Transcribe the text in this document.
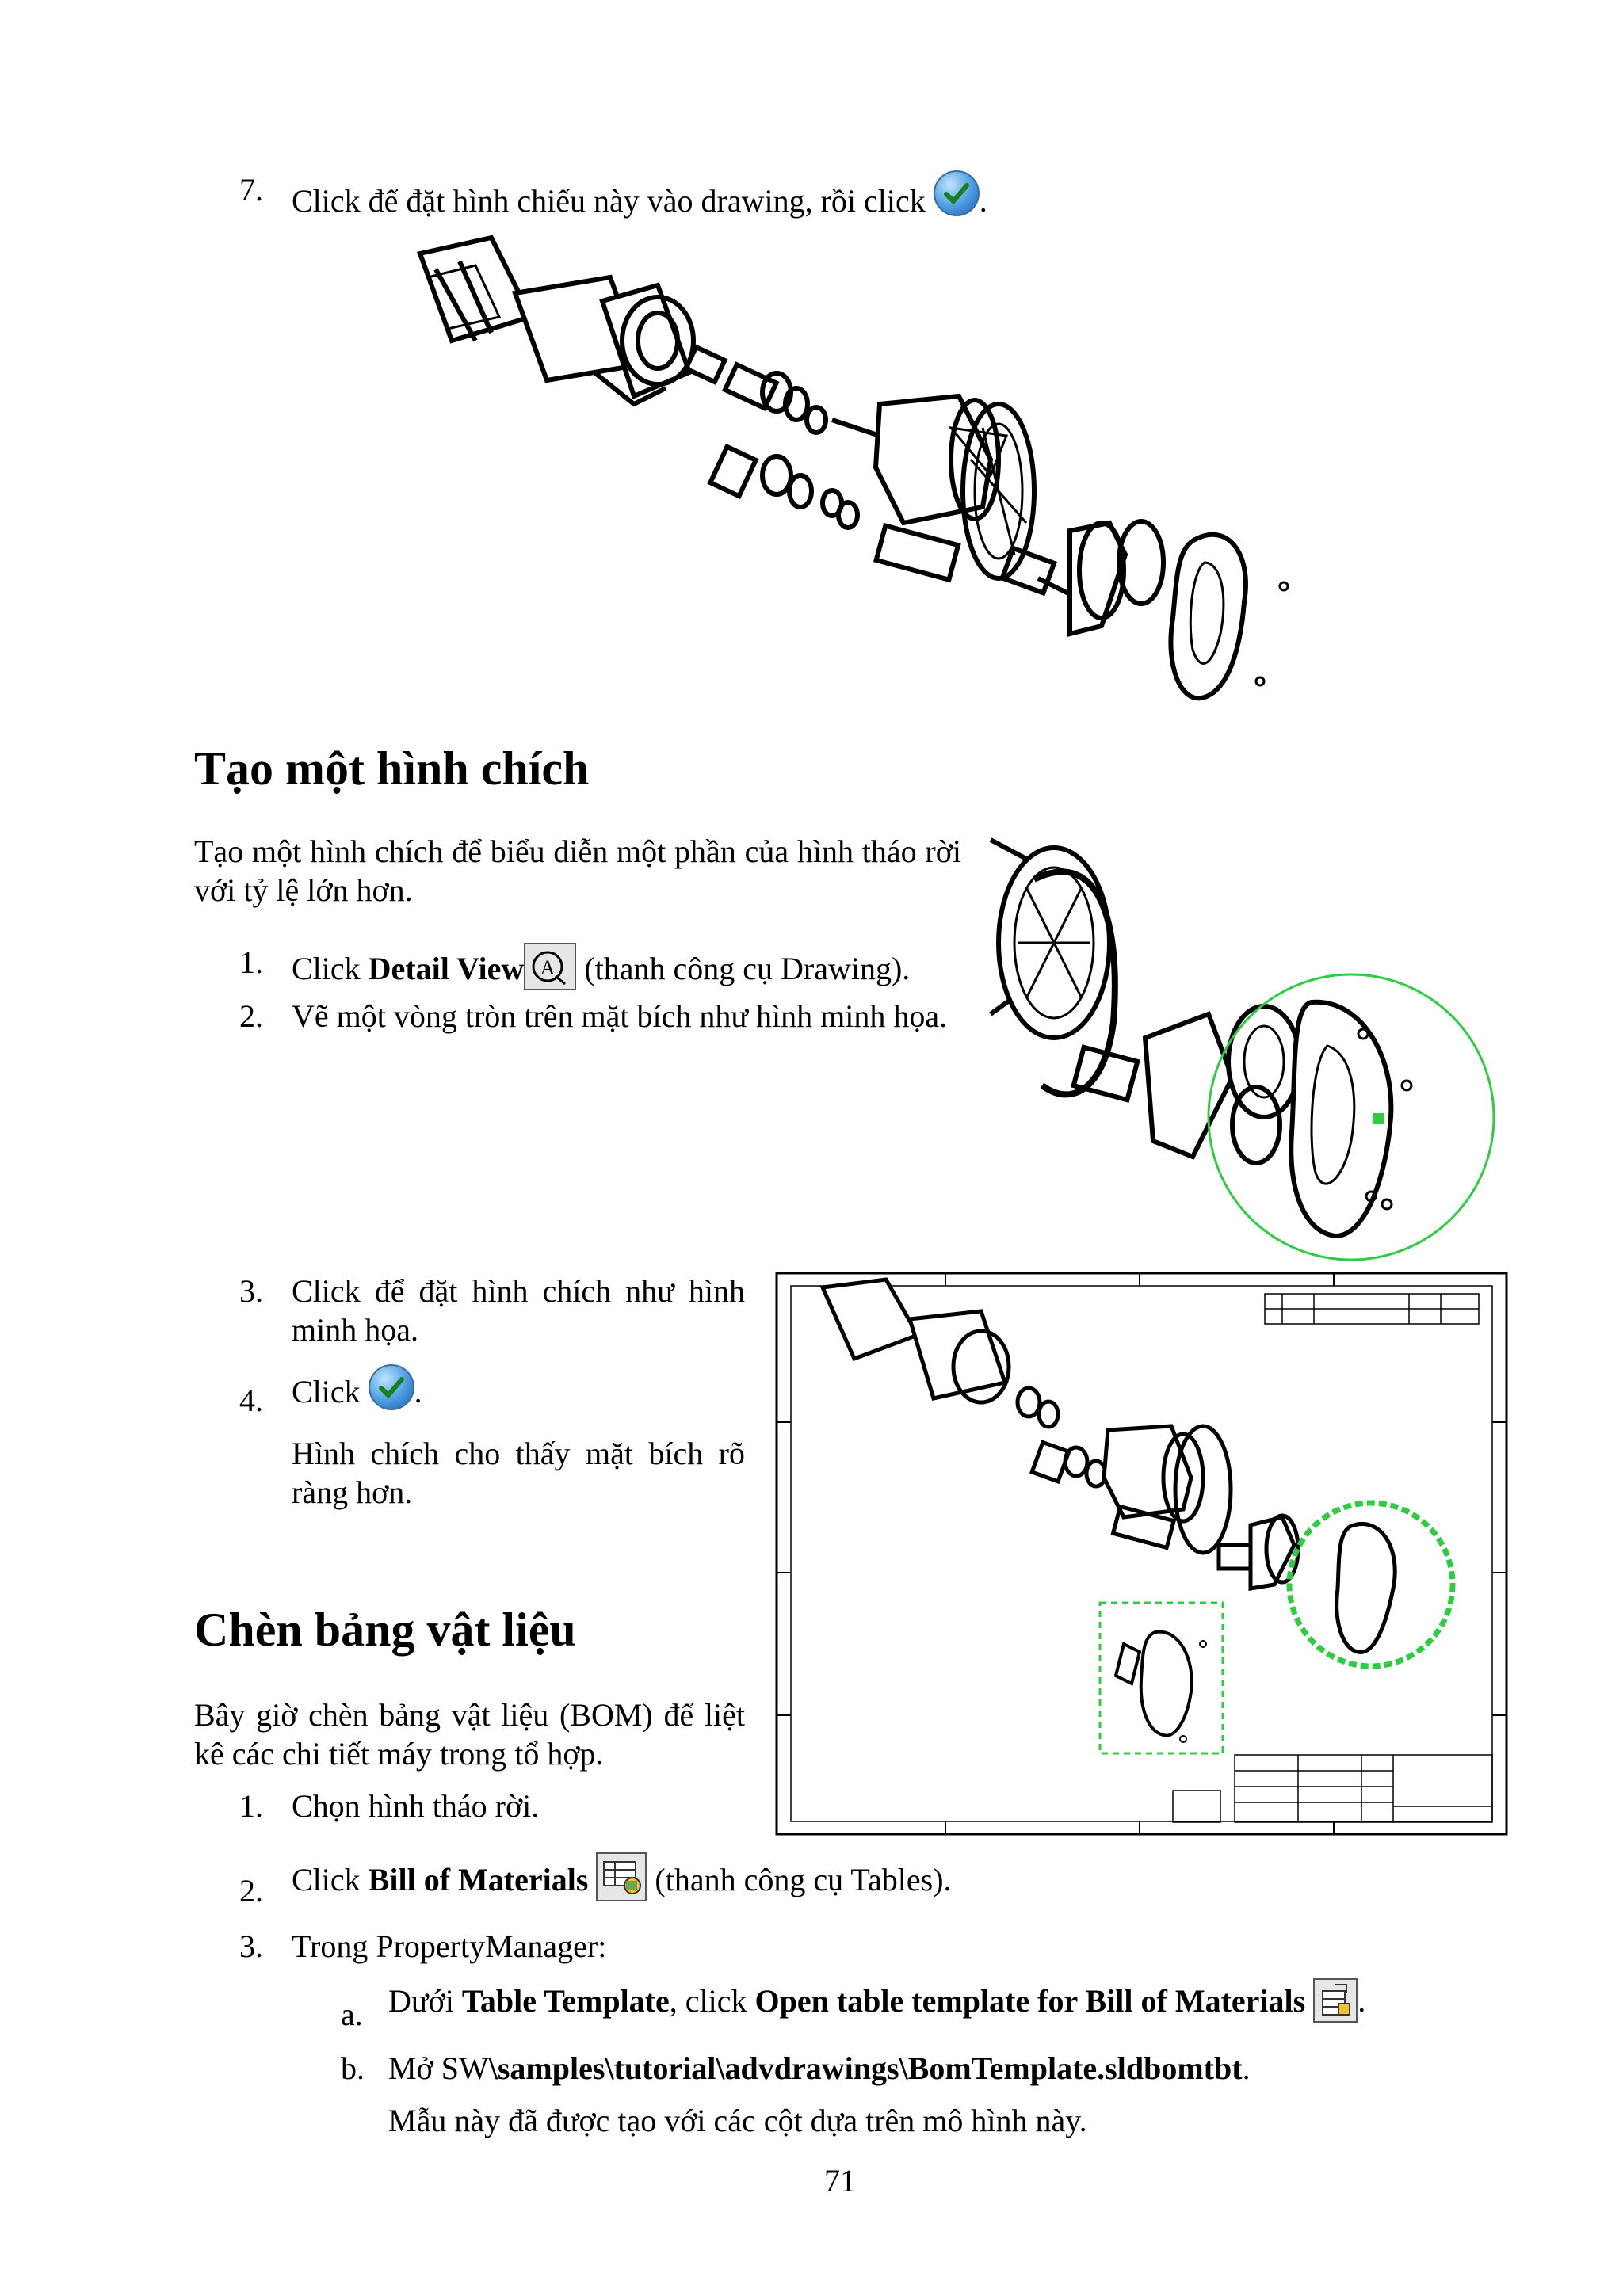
7. Click để đặt hình chiếu này vào drawing, rồi click .
Tạo một hình chích
Tạo một hình chích để biểu diễn một phần của hình tháo rời với tỷ lệ lớn hơn.
1. Click Detail View A (thanh công cụ Drawing).
2. Vẽ một vòng tròn trên mặt bích như hình minh họa.
3. Click để đặt hình chích như hình minh họa.
4. Click .
Hình chích cho thấy mặt bích rõ ràng hơn.
Chèn bảng vật liệu
Bây giờ chèn bảng vật liệu (BOM) để liệt kê các chi tiết máy trong tổ hợp.
1. Chọn hình tháo rời.
2. Click Bill of Materials  (thanh công cụ Tables).
3. Trong PropertyManager:
a. Dưới Table Template, click Open table template for Bill of Materials .
b. Mở SW\samples\tutorial\advdrawings\BomTemplate.sldbomtbt.
Mẫu này đã được tạo với các cột dựa trên mô hình này.
71
